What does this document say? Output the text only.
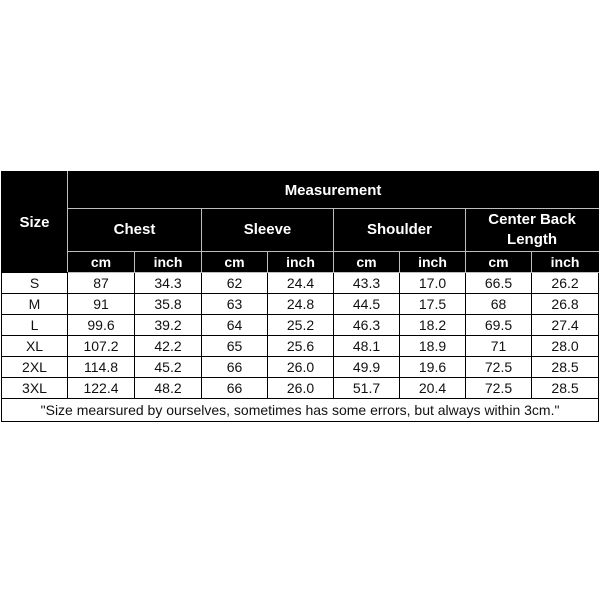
Size	Measurement							
	Chest		Sleeve		Shoulder		Center Back Length	
	cm	inch	cm	inch	cm	inch	cm	inch
S	87	34.3	62	24.4	43.3	17.0	66.5	26.2
M	91	35.8	63	24.8	44.5	17.5	68	26.8
L	99.6	39.2	64	25.2	46.3	18.2	69.5	27.4
XL	107.2	42.2	65	25.6	48.1	18.9	71	28.0
2XL	114.8	45.2	66	26.0	49.9	19.6	72.5	28.5
3XL	122.4	48.2	66	26.0	51.7	20.4	72.5	28.5
"Size mearsured by ourselves, sometimes has some errors, but always within 3cm."								
